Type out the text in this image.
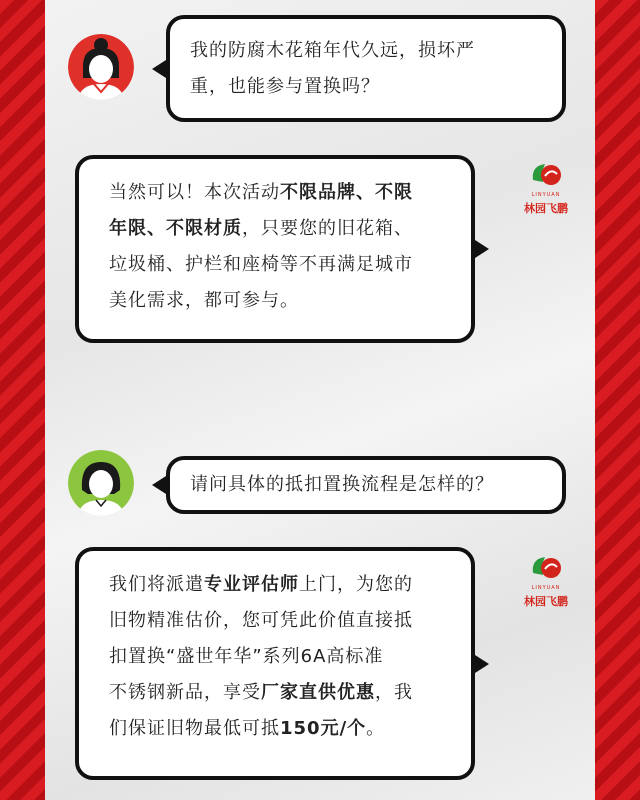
我的防腐木花箱年代久远，损坏严
重，也能参与置换吗？
当然可以！本次活动不限品牌、不限
年限、不限材质，只要您的旧花箱、
垃圾桶、护栏和座椅等不再满足城市
美化需求，都可参与。
LINYUAN
林园飞鹏
请问具体的抵扣置换流程是怎样的？
我们将派遣专业评估师上门，为您的
旧物精准估价，您可凭此价值直接抵
扣置换“盛世年华”系列6A高标准
不锈钢新品，享受厂家直供优惠，我
们保证旧物最低可抵150元/个。
LINYUAN
林园飞鹏
